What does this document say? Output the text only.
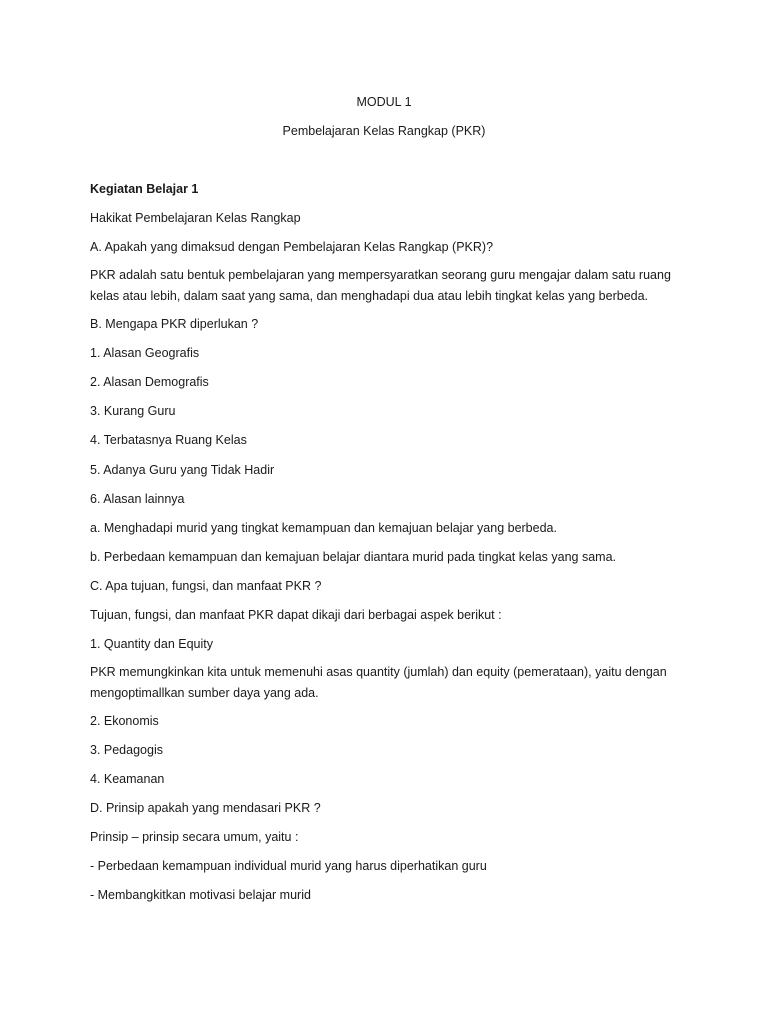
MODUL 1
Pembelajaran Kelas Rangkap (PKR)
Kegiatan Belajar 1
Hakikat Pembelajaran Kelas Rangkap
A. Apakah yang dimaksud dengan Pembelajaran Kelas Rangkap (PKR)?
PKR adalah satu bentuk pembelajaran yang mempersyaratkan seorang guru mengajar dalam satu ruang
kelas atau lebih, dalam saat yang sama, dan menghadapi dua atau lebih tingkat kelas yang berbeda.
B. Mengapa PKR diperlukan ?
1. Alasan Geografis
2. Alasan Demografis
3. Kurang Guru
4. Terbatasnya Ruang Kelas
5. Adanya Guru yang Tidak Hadir
6. Alasan lainnya
a. Menghadapi murid yang tingkat kemampuan dan kemajuan belajar yang berbeda.
b. Perbedaan kemampuan dan kemajuan belajar diantara murid pada tingkat kelas yang sama.
C. Apa tujuan, fungsi, dan manfaat PKR ?
Tujuan, fungsi, dan manfaat PKR dapat dikaji dari berbagai aspek berikut :
1. Quantity dan Equity
PKR memungkinkan kita untuk memenuhi asas quantity (jumlah) dan equity (pemerataan), yaitu dengan
mengoptimallkan sumber daya yang ada.
2. Ekonomis
3. Pedagogis
4. Keamanan
D. Prinsip apakah yang mendasari PKR ?
Prinsip – prinsip secara umum, yaitu :
- Perbedaan kemampuan individual murid yang harus diperhatikan guru
- Membangkitkan motivasi belajar murid
